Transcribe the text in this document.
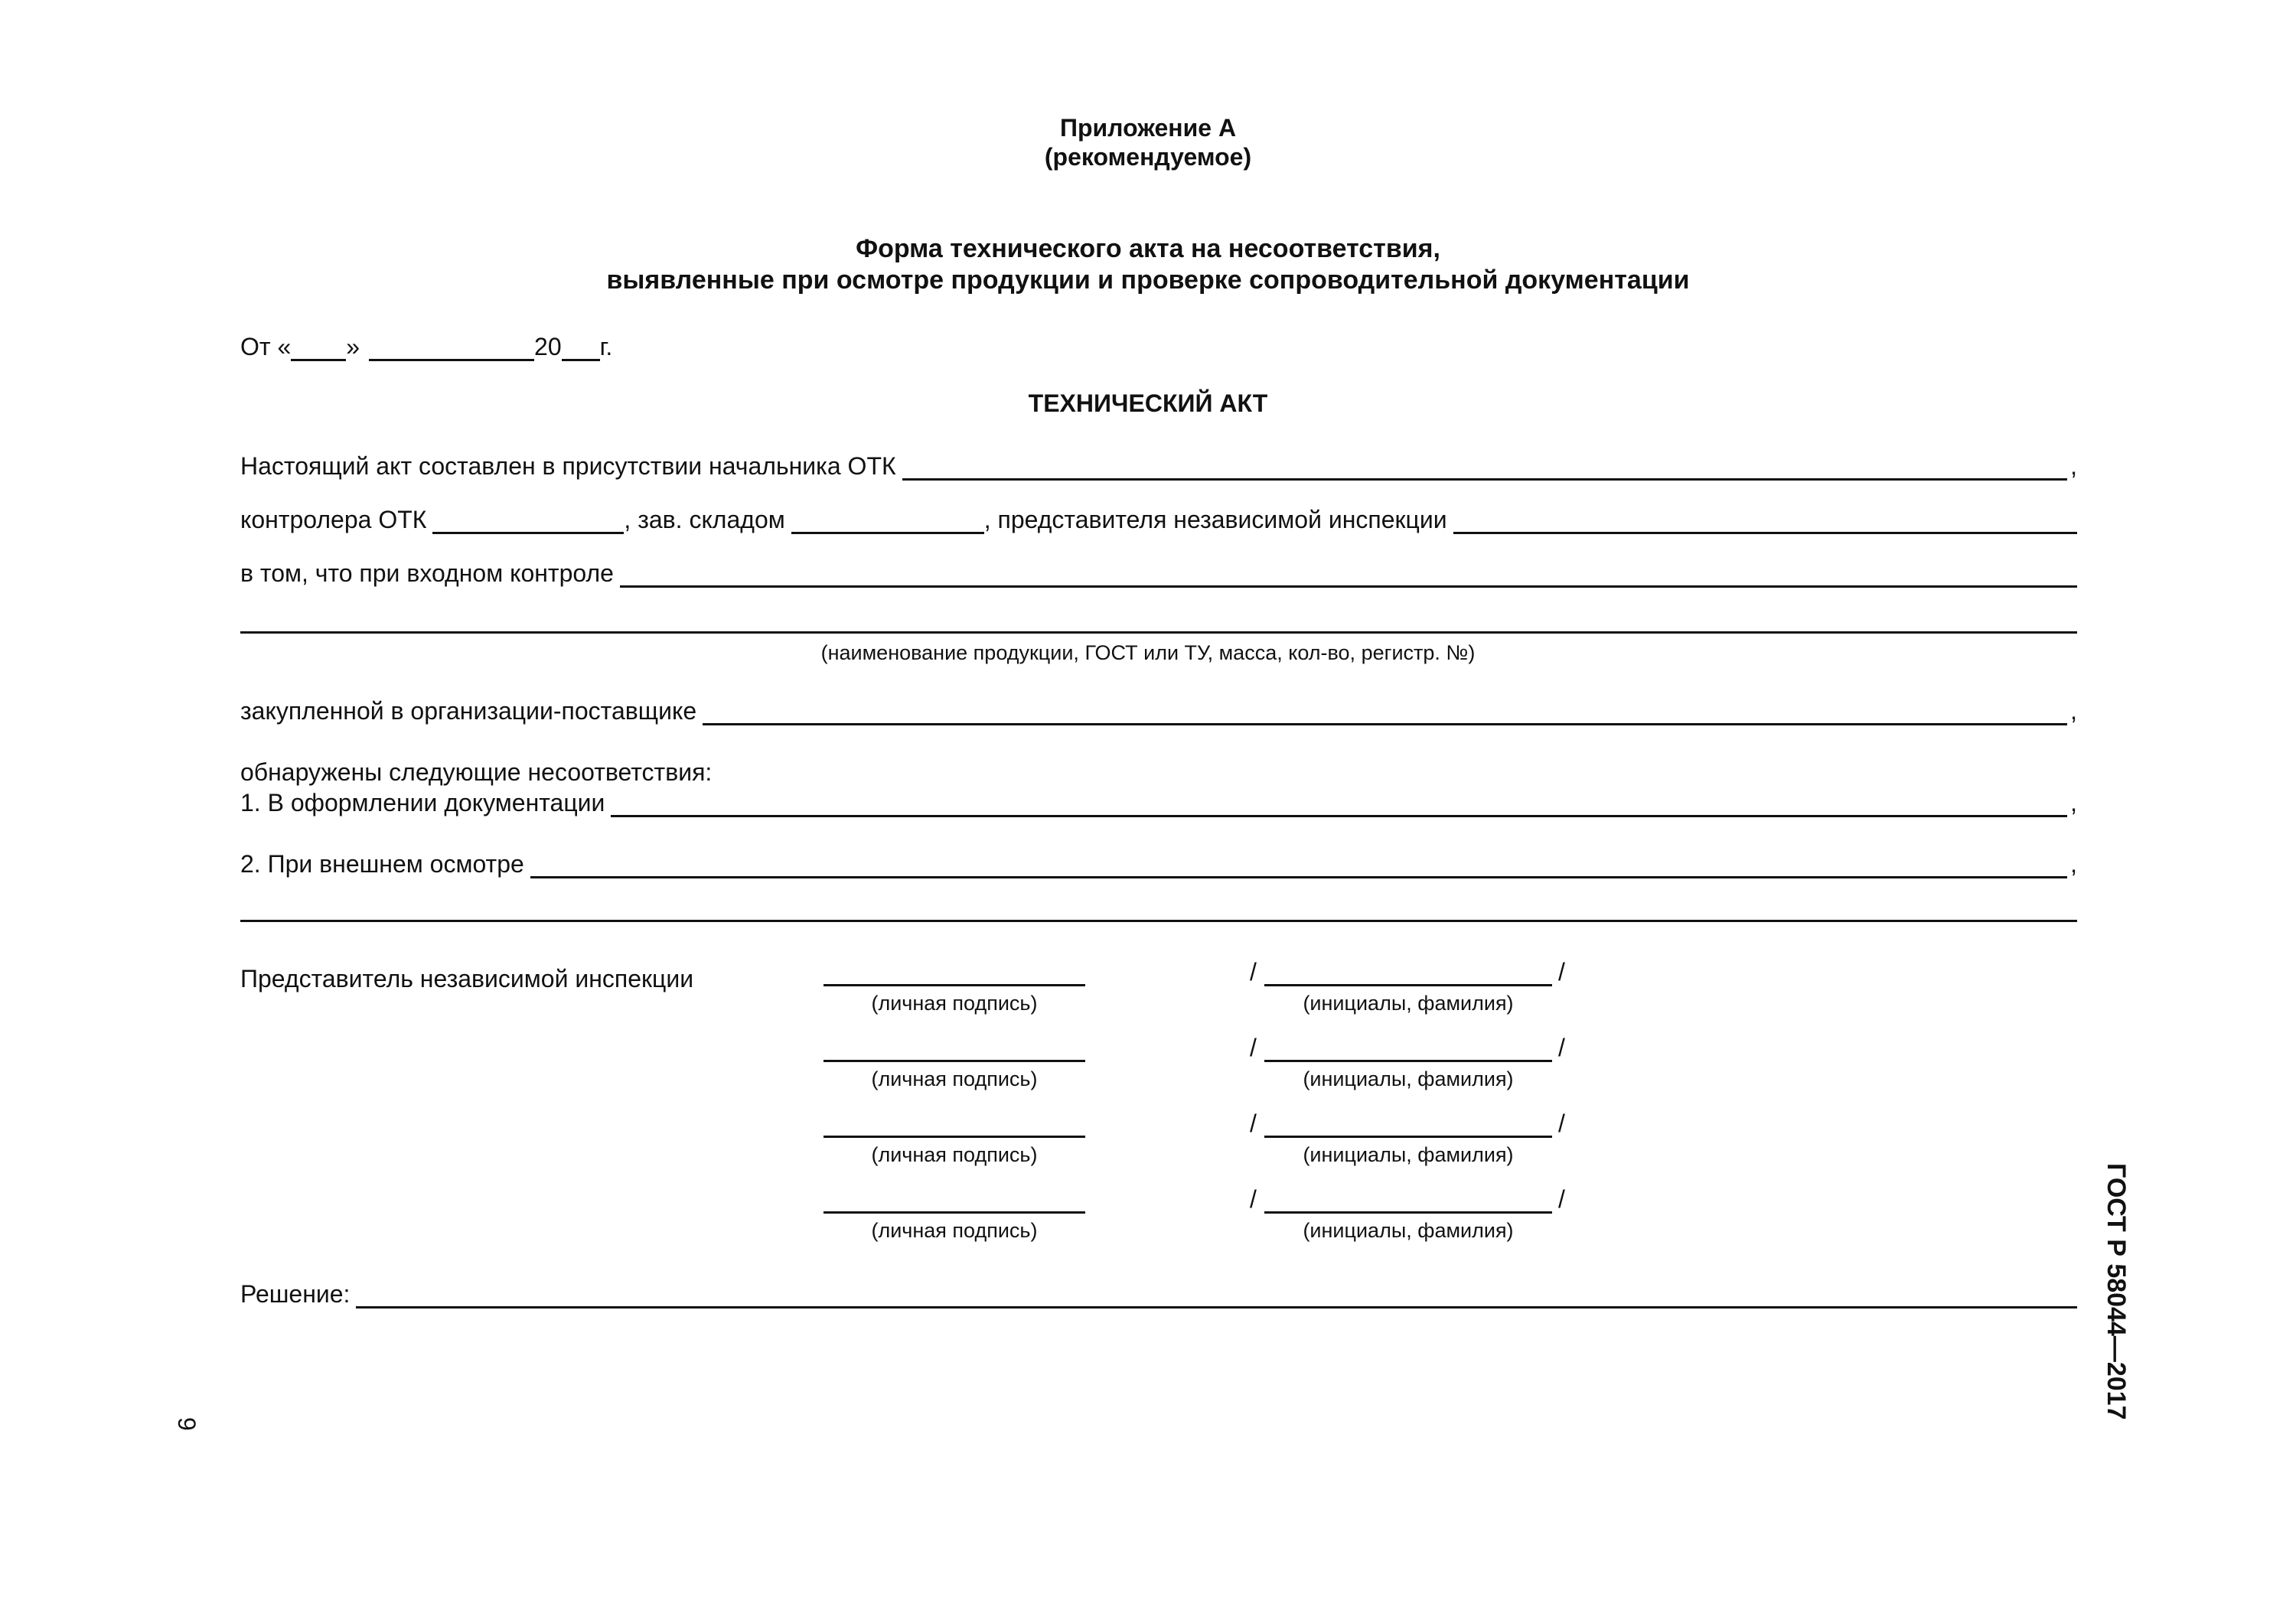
Приложение А
(рекомендуемое)
Форма технического акта на несоответствия,
выявленные при осмотре продукции и проверке сопроводительной документации
От « »	20 г.
ТЕХНИЧЕСКИЙ АКТ
Настоящий акт составлен в присутствии начальника ОТК	,
контролера ОТК	, зав. складом	, представителя независимой инспекции
в том, что при входном контроле
(наименование продукции, ГОСТ или ТУ, масса, кол-во, регистр. №)
закупленной в организации-поставщике	,
обнаружены следующие несоответствия:
1. В оформлении документации	,
2. При внешнем осмотре	,
Представитель независимой инспекции
(личная подпись)
/	/
(инициалы, фамилия)
(личная подпись)
/	/
(инициалы, фамилия)
(личная подпись)
/	/
(инициалы, фамилия)
(личная подпись)
/	/
(инициалы, фамилия)
Решение:
9
ГОСТ Р 58044—2017
